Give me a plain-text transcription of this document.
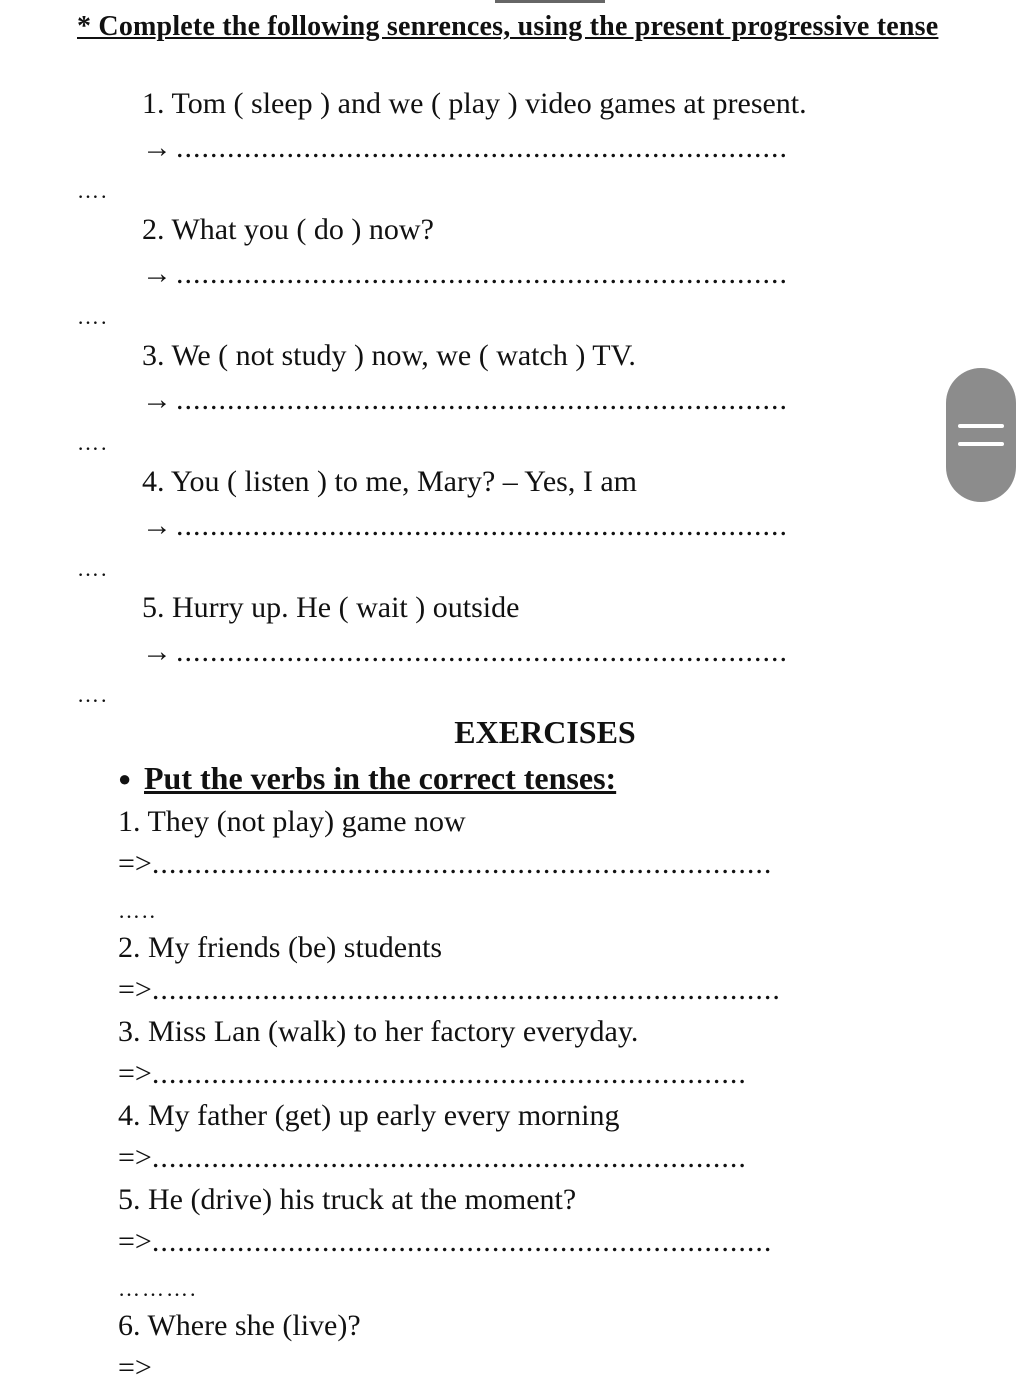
* Complete the following senrences, using the present progressive tense
1. Tom ( sleep ) and we ( play ) video games at present.
→ ........................................................................
….
2. What you ( do ) now?
→ ........................................................................
….
3. We ( not study ) now, we ( watch ) TV.
→ ........................................................................
….
4. You ( listen ) to me, Mary? – Yes, I am
→ ........................................................................
….
5. Hurry up. He ( wait ) outside
→ ........................................................................
….
EXERCISES
● Put the verbs in the correct tenses:
1. They (not play) game now
=>.........................................................................
…..
2. My friends (be) students
=>..........................................................................
3. Miss Lan (walk) to her factory everyday.
=>......................................................................
4. My father (get) up early every morning
=>......................................................................
5. He (drive) his truck at the moment?
=>.........................................................................
……….
6. Where she (live)?
=>
